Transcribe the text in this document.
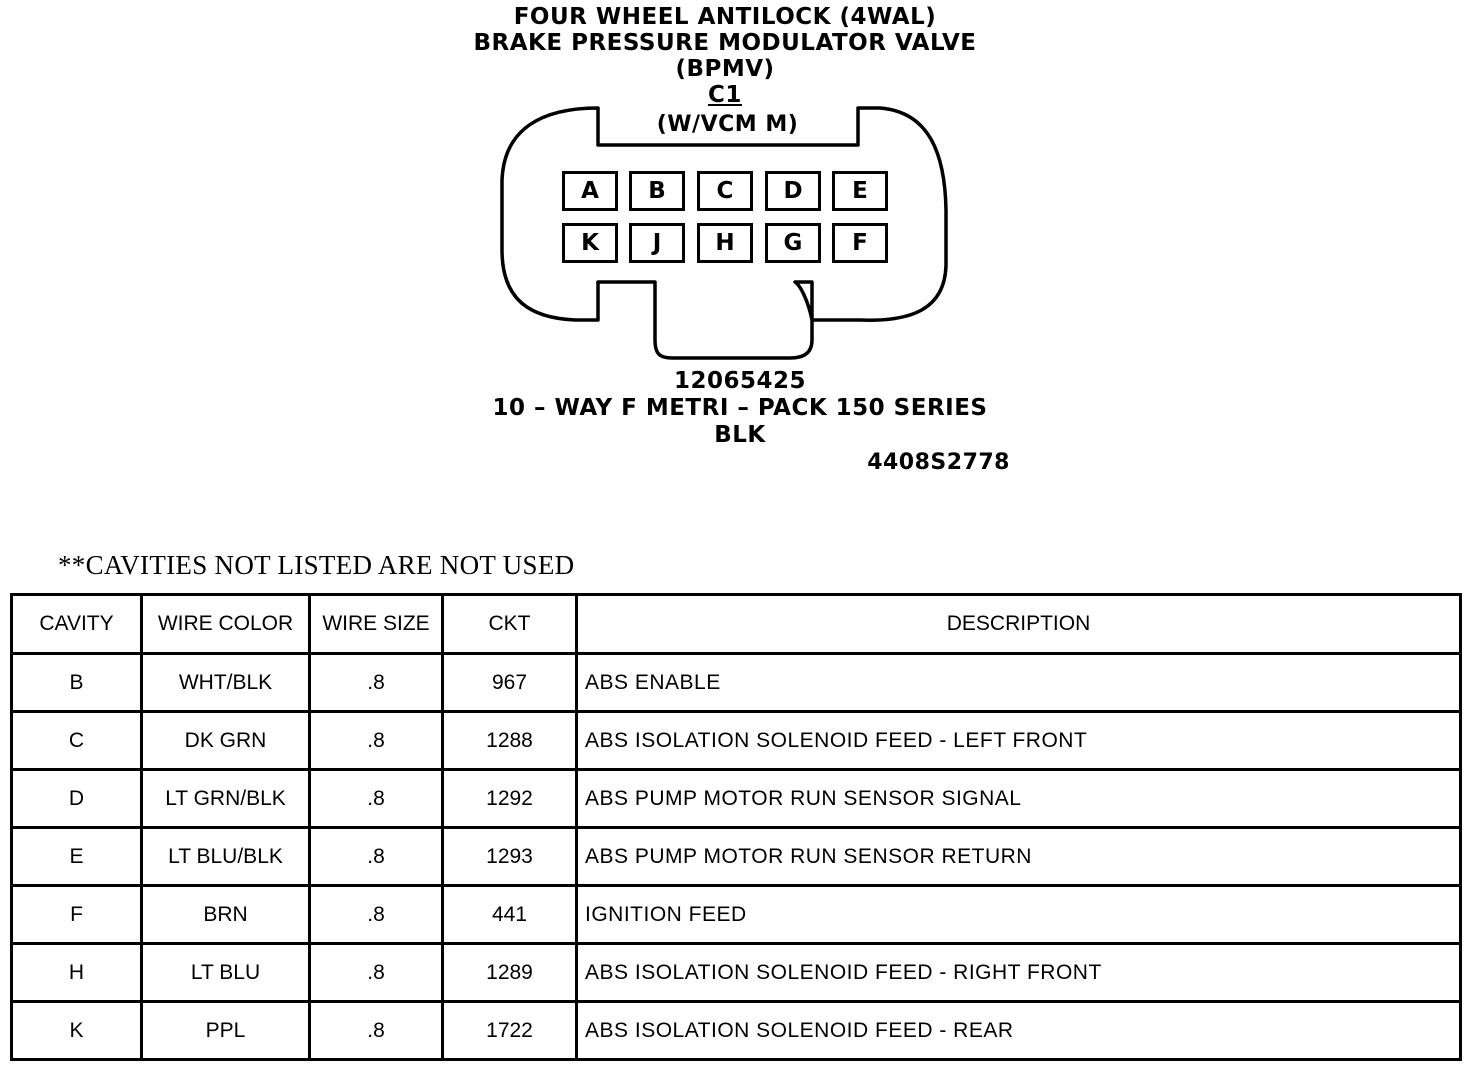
FOUR WHEEL ANTILOCK (4WAL)
BRAKE PRESSURE MODULATOR VALVE
(BPMV)
C1
(W/VCM M)
A	B	C	D	E
K	J	H	G	F
12065425
10 – WAY F METRI – PACK 150 SERIES
BLK
4408S2778
**CAVITIES NOT LISTED ARE NOT USED
CAVITY	WIRE COLOR	WIRE SIZE	CKT	DESCRIPTION
B	WHT/BLK	.8	967	ABS ENABLE
C	DK GRN	.8	1288	ABS ISOLATION SOLENOID FEED - LEFT FRONT
D	LT GRN/BLK	.8	1292	ABS PUMP MOTOR RUN SENSOR SIGNAL
E	LT BLU/BLK	.8	1293	ABS PUMP MOTOR RUN SENSOR RETURN
F	BRN	.8	441	IGNITION FEED
H	LT BLU	.8	1289	ABS ISOLATION SOLENOID FEED - RIGHT FRONT
K	PPL	.8	1722	ABS ISOLATION SOLENOID FEED - REAR
